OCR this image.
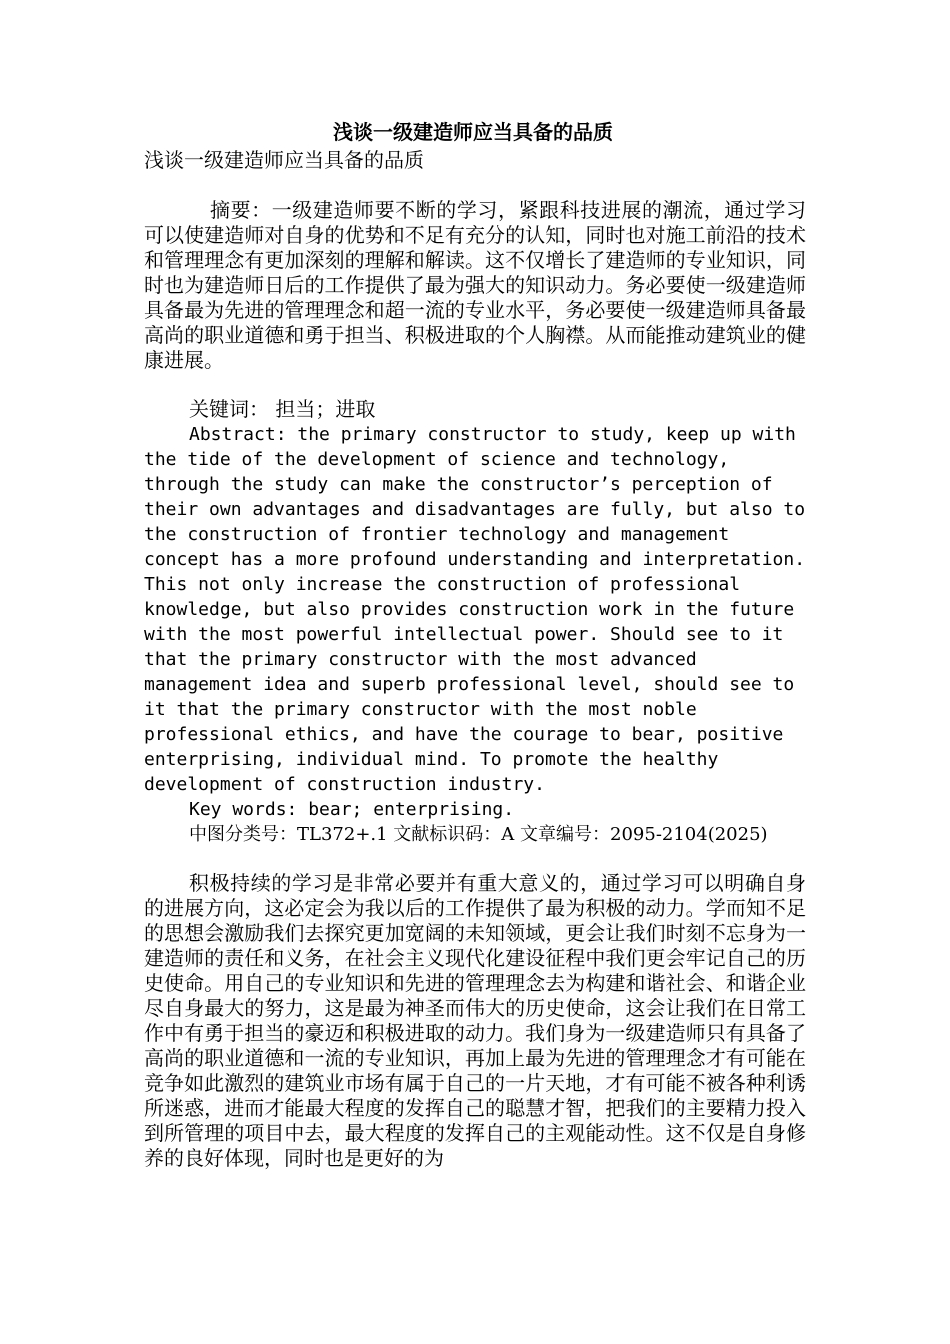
浅谈一级建造师应当具备的品质

浅谈一级建造师应当具备的品质

摘要：一级建造师要不断的学习，紧跟科技进展的潮流，通过学习可以使建造师对自身的优势和不足有充分的认知，同时也对施工前沿的技术和管理理念有更加深刻的理解和解读。这不仅增长了建造师的专业知识，同时也为建造师日后的工作提供了最为强大的知识动力。务必要使一级建造师具备最为先进的管理理念和超一流的专业水平，务必要使一级建造师具备最高尚的职业道德和勇于担当、积极进取的个人胸襟。从而能推动建筑业的健康进展。

关键词： 担当；进取

Abstract: the primary constructor to study, keep up with the tide of the development of science and technology, through the study can make the constructor’s perception of their own advantages and disadvantages are fully, but also to the construction of frontier technology and management concept has a more profound understanding and interpretation. This not only increase the construction of professional knowledge, but also provides construction work in the future with the most powerful intellectual power. Should see to it that the primary constructor with the most advanced management idea and superb professional level, should see to it that the primary constructor with the most noble professional ethics, and have the courage to bear, positive enterprising, individual mind. To promote the healthy development of construction industry.

Key words: bear; enterprising.

中图分类号：TL372+.1 文献标识码：A 文章编号：2095-2104(2025)

积极持续的学习是非常必要并有重大意义的，通过学习可以明确自身的进展方向，这必定会为我以后的工作提供了最为积极的动力。学而知不足的思想会激励我们去探究更加宽阔的未知领域，更会让我们时刻不忘身为一建造师的责任和义务，在社会主义现代化建设征程中我们更会牢记自己的历史使命。用自己的专业知识和先进的管理理念去为构建和谐社会、和谐企业尽自身最大的努力，这是最为神圣而伟大的历史使命，这会让我们在日常工作中有勇于担当的豪迈和积极进取的动力。我们身为一级建造师只有具备了高尚的职业道德和一流的专业知识，再加上最为先进的管理理念才有可能在竞争如此激烈的建筑业市场有属于自己的一片天地，才有可能不被各种利诱所迷惑，进而才能最大程度的发挥自己的聪慧才智，把我们的主要精力投入到所管理的项目中去，最大程度的发挥自己的主观能动性。这不仅是自身修养的良好体现，同时也是更好的为
